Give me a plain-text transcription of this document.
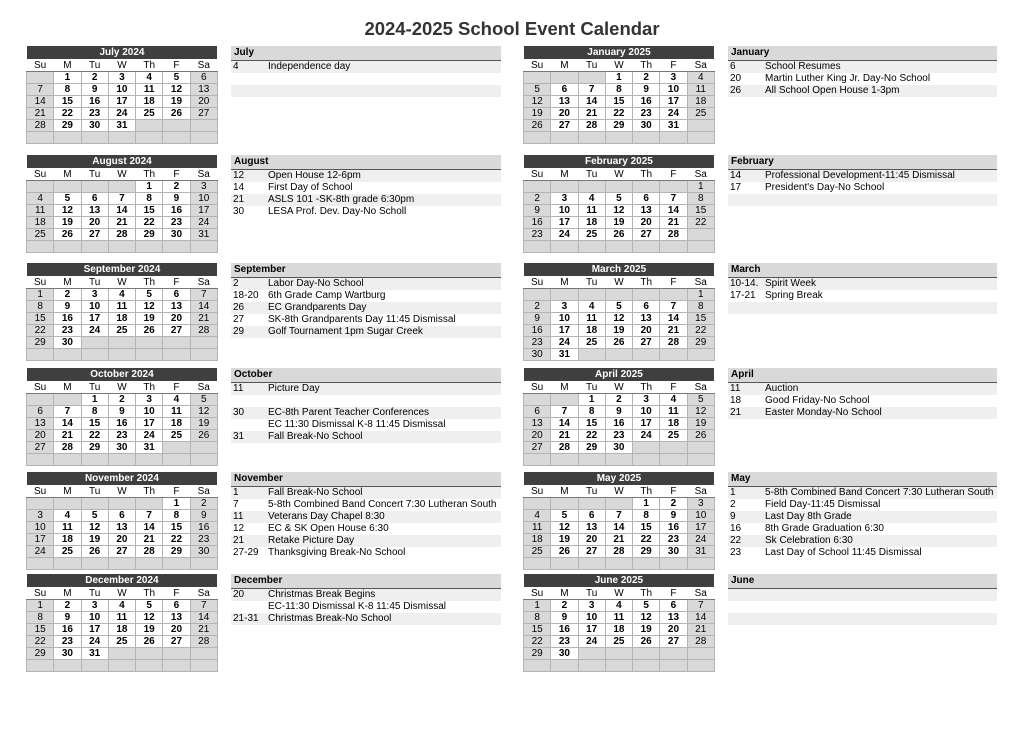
2024-2025 School Event Calendar
July 2024						
Su	M	Tu	W	Th	F	Sa
	1	2	3	4	5	6
7	8	9	10	11	12	13
14	15	16	17	18	19	20
21	22	23	24	25	26	27
28	29	30	31			

August 2024						
Su	M	Tu	W	Th	F	Sa
				1	2	3
4	5	6	7	8	9	10
11	12	13	14	15	16	17
18	19	20	21	22	23	24
25	26	27	28	29	30	31

September 2024						
Su	M	Tu	W	Th	F	Sa
1	2	3	4	5	6	7
8	9	10	11	12	13	14
15	16	17	18	19	20	21
22	23	24	25	26	27	28
29	30					

October 2024						
Su	M	Tu	W	Th	F	Sa
		1	2	3	4	5
6	7	8	9	10	11	12
13	14	15	16	17	18	19
20	21	22	23	24	25	26
27	28	29	30	31		

November 2024						
Su	M	Tu	W	Th	F	Sa
					1	2
3	4	5	6	7	8	9
10	11	12	13	14	15	16
17	18	19	20	21	22	23
24	25	26	27	28	29	30

December 2024						
Su	M	Tu	W	Th	F	Sa
1	2	3	4	5	6	7
8	9	10	11	12	13	14
15	16	17	18	19	20	21
22	23	24	25	26	27	28
29	30	31				

January 2025						
Su	M	Tu	W	Th	F	Sa
			1	2	3	4
5	6	7	8	9	10	11
12	13	14	15	16	17	18
19	20	21	22	23	24	25
26	27	28	29	30	31	

February 2025						
Su	M	Tu	W	Th	F	Sa
						1
2	3	4	5	6	7	8
9	10	11	12	13	14	15
16	17	18	19	20	21	22
23	24	25	26	27	28	

March 2025						
Su	M	Tu	W	Th	F	Sa
						1
2	3	4	5	6	7	8
9	10	11	12	13	14	15
16	17	18	19	20	21	22
23	24	25	26	27	28	29
30	31					
April 2025						
Su	M	Tu	W	Th	F	Sa
		1	2	3	4	5
6	7	8	9	10	11	12
13	14	15	16	17	18	19
20	21	22	23	24	25	26
27	28	29	30			

May 2025						
Su	M	Tu	W	Th	F	Sa
				1	2	3
4	5	6	7	8	9	10
11	12	13	14	15	16	17
18	19	20	21	22	23	24
25	26	27	28	29	30	31

June 2025						
Su	M	Tu	W	Th	F	Sa
1	2	3	4	5	6	7
8	9	10	11	12	13	14
15	16	17	18	19	20	21
22	23	24	25	26	27	28
29	30					

July
4	Independence day
August
12 Open House 12-6pm
14 First Day of School
21 ASLS 101 -SK-8th grade 6:30pm
30 LESA Prof. Dev. Day-No Scholl
September
2	Labor Day-No School
18-20 6th Grade Camp Wartburg
26 EC Grandparents Day
27 SK-8th Grandparents Day 11:45 Dismissal
29 Golf Tournament 1pm Sugar Creek
October
11 Picture Day
30 EC-8th Parent Teacher Conferences
EC 11:30 Dismissal K-8 11:45 Dismissal
31 Fall Break-No School
November
1	Fall Break-No School
7	5-8th Combined Band Concert 7:30 Lutheran South
11 Veterans Day Chapel 8:30
12 EC & SK Open House 6:30
21 Retake Picture Day
27-29 Thanksgiving Break-No School
December
20 Christmas Break Begins
EC-11:30 Dismissal K-8 11:45 Dismissal
21-31 Christmas Break-No School
January
6	School Resumes
20 Martin Luther King Jr. Day-No School
26 All School Open House 1-3pm
February
14 Professional Development-11:45 Dismissal
17 President's Day-No School
March
10-14. Spirit Week
17-21 Spring Break
April
11 Auction
18 Good Friday-No School
21 Easter Monday-No School
May
1	5-8th Combined Band Concert 7:30 Lutheran South
2	Field Day-11:45 Dismissal
9	Last Day 8th Grade
16 8th Grade Graduation 6:30
22 Sk Celebration 6:30
23 Last Day of School 11:45 Dismissal
June
